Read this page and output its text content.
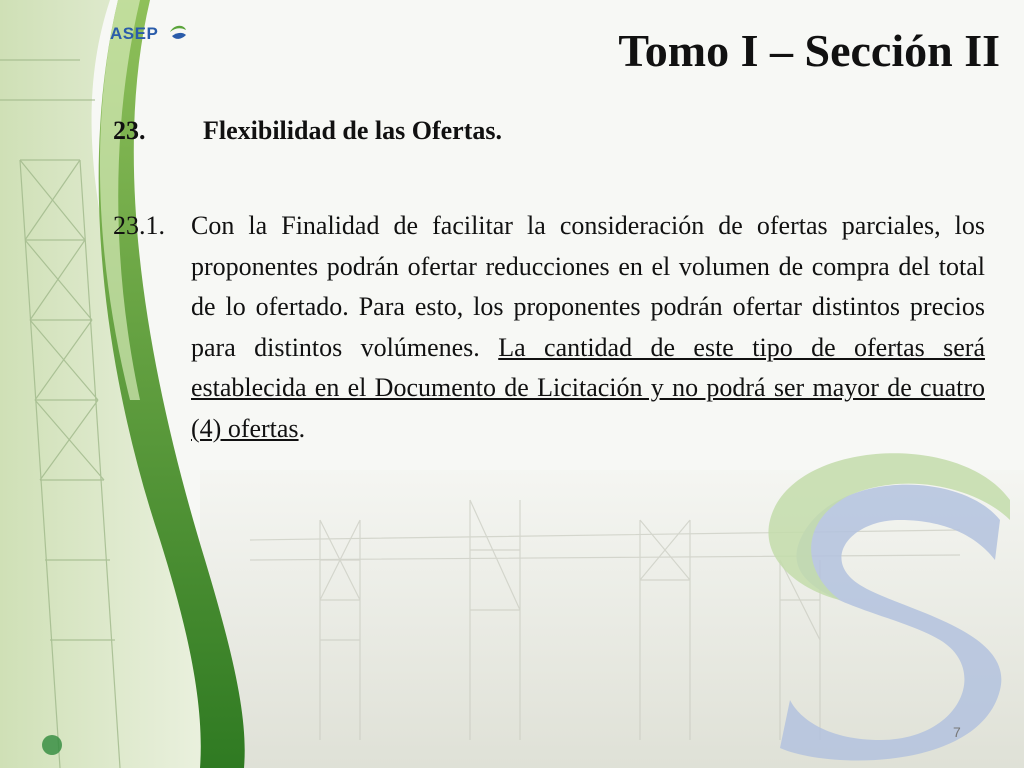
ASEP	Tomo I – Sección II
23. Flexibilidad de las Ofertas.
23.1.	Con la Finalidad de facilitar la consideración de ofertas parciales, los proponentes podrán ofertar reducciones en el volumen de compra del total de lo ofertado. Para esto, los proponentes podrán ofertar distintos precios para distintos volúmenes. La cantidad de este tipo de ofertas será establecida en el Documento de Licitación y no podrá ser mayor de cuatro (4) ofertas.
7
